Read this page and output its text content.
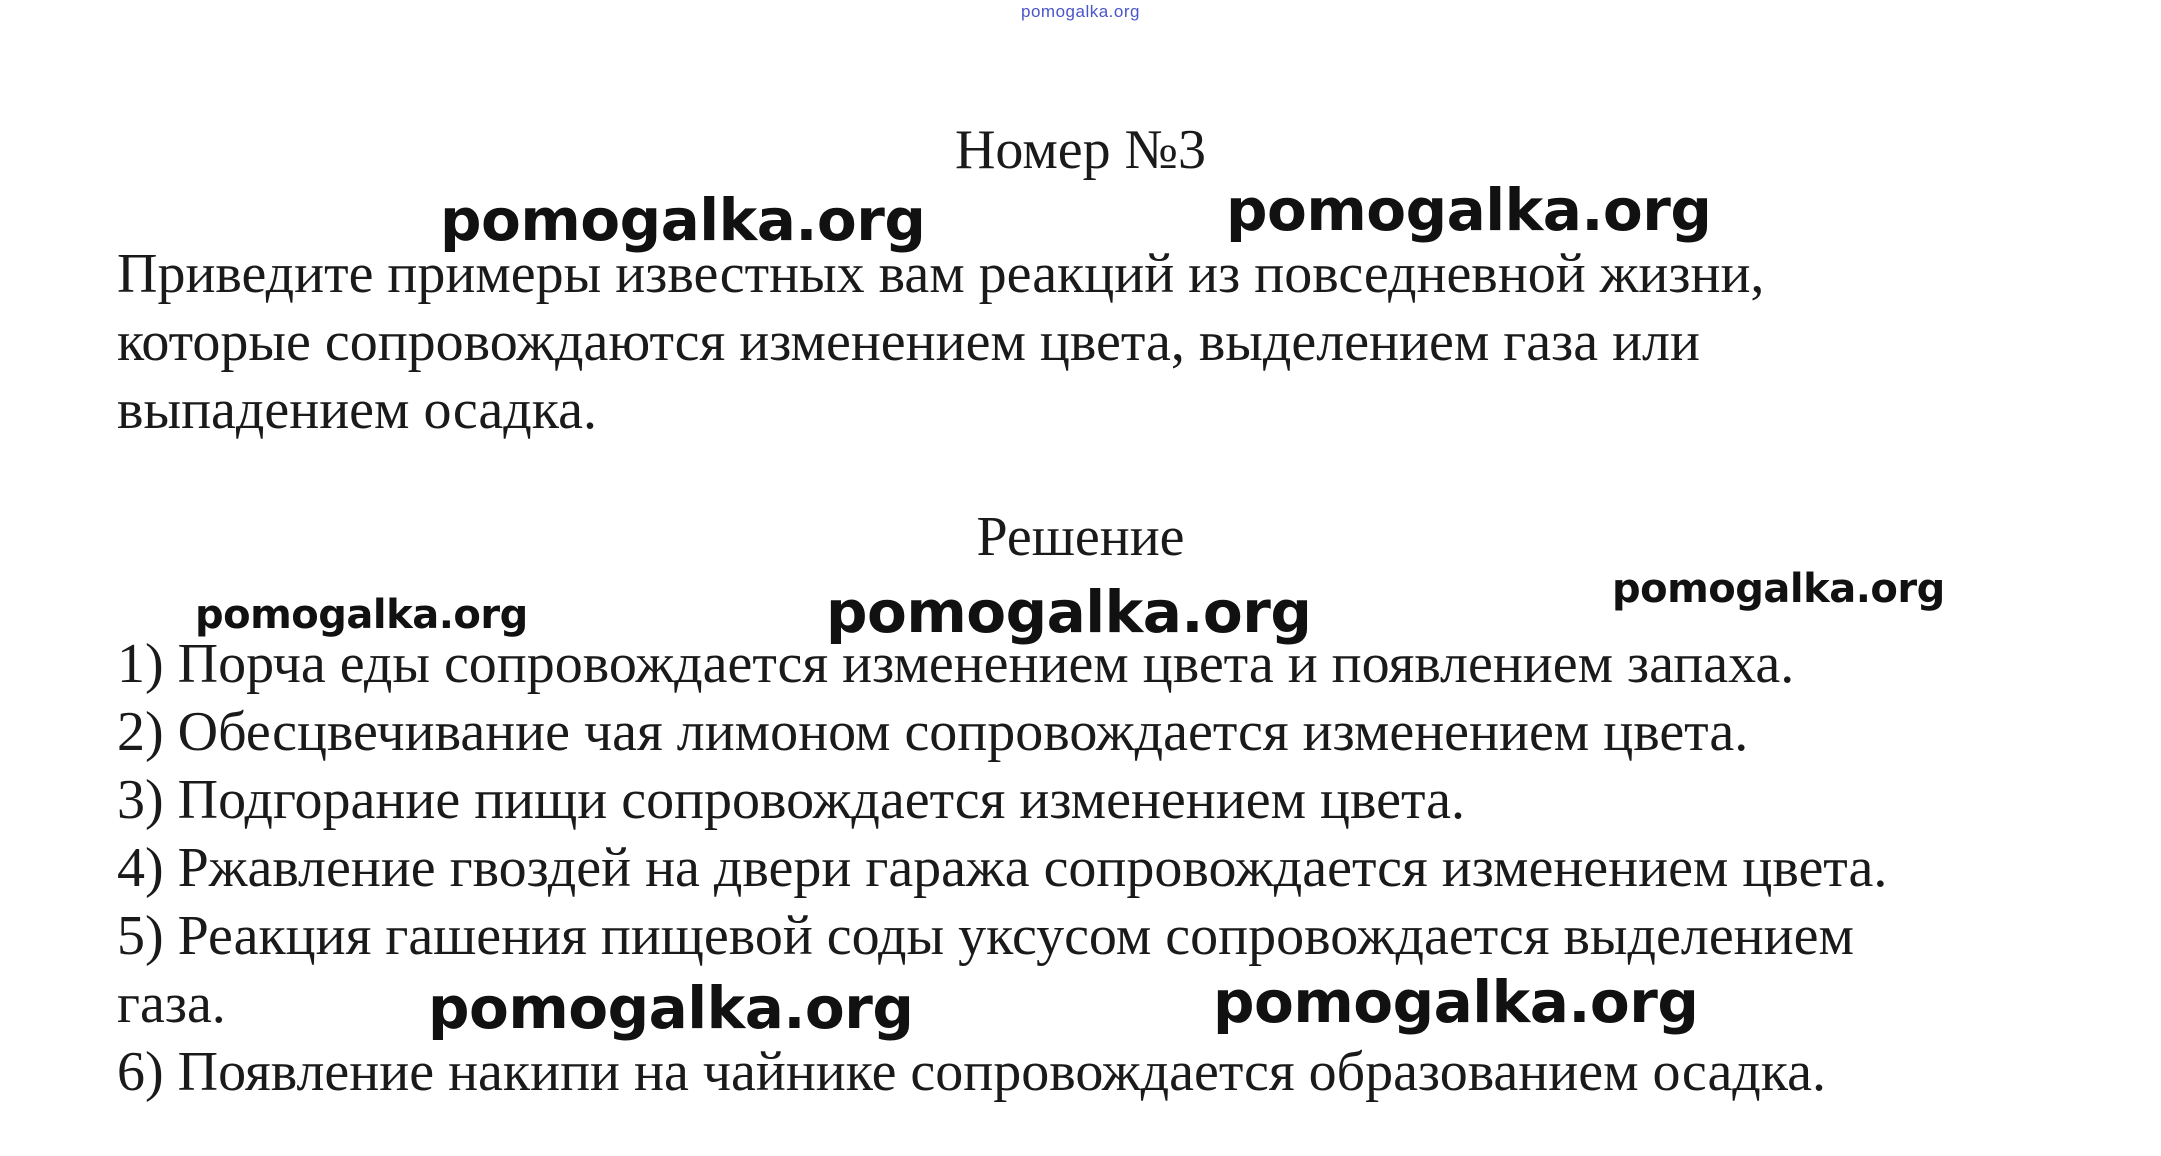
pomogalka.org
Номер №3
Приведите примеры известных вам реакций из повседневной жизни,
которые сопровождаются изменением цвета, выделением газа или
выпадением осадка.
Решение
1) Порча еды сопровождается изменением цвета и появлением запаха.
2) Обесцвечивание чая лимоном сопровождается изменением цвета.
3) Подгорание пищи сопровождается изменением цвета.
4) Ржавление гвоздей на двери гаража сопровождается изменением цвета.
5) Реакция гашения пищевой соды уксусом сопровождается выделением
газа.
6) Появление накипи на чайнике сопровождается образованием осадка.
pomogalka.org	pomogalka.org
pomogalka.org	pomogalka.org	pomogalka.org
pomogalka.org	pomogalka.org
